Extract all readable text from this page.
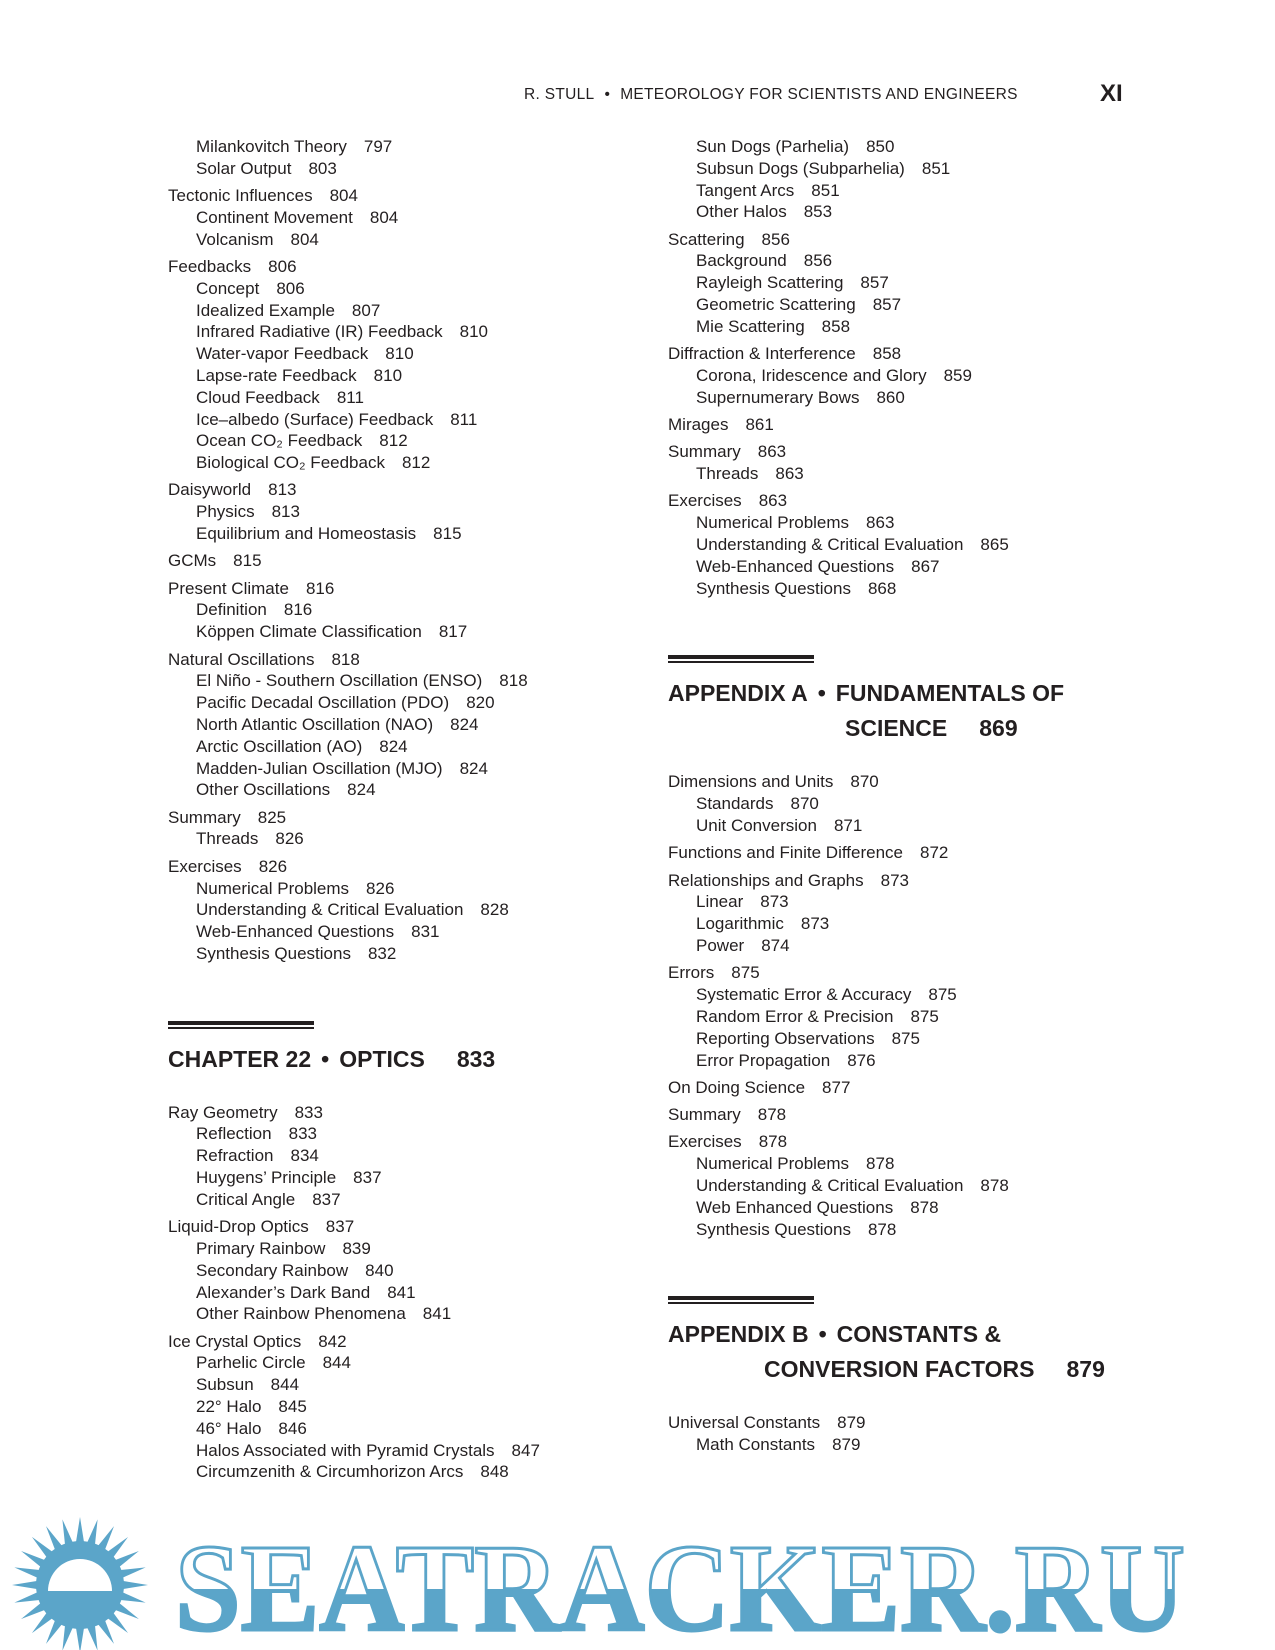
R. STULL • METEOROLOGY FOR SCIENTISTS AND ENGINEERS	XI
Milankovitch Theory 797
Solar Output 803
Tectonic Influences 804
Continent Movement 804
Volcanism 804
Feedbacks 806
Concept 806
Idealized Example 807
Infrared Radiative (IR) Feedback 810
Water-vapor Feedback 810
Lapse-rate Feedback 810
Cloud Feedback 811
Ice–albedo (Surface) Feedback 811
Ocean CO₂ Feedback 812
Biological CO₂ Feedback 812
Daisyworld 813
Physics 813
Equilibrium and Homeostasis 815
GCMs 815
Present Climate 816
Definition 816
Köppen Climate Classification 817
Natural Oscillations 818
El Niño - Southern Oscillation (ENSO) 818
Pacific Decadal Oscillation (PDO) 820
North Atlantic Oscillation (NAO) 824
Arctic Oscillation (AO) 824
Madden-Julian Oscillation (MJO) 824
Other Oscillations 824
Summary 825
Threads 826
Exercises 826
Numerical Problems 826
Understanding & Critical Evaluation 828
Web-Enhanced Questions 831
Synthesis Questions 832
CHAPTER 22 • OPTICS 833
Ray Geometry 833
Reflection 833
Refraction 834
Huygens’ Principle 837
Critical Angle 837
Liquid-Drop Optics 837
Primary Rainbow 839
Secondary Rainbow 840
Alexander’s Dark Band 841
Other Rainbow Phenomena 841
Ice Crystal Optics 842
Parhelic Circle 844
Subsun 844
22° Halo 845
46° Halo 846
Halos Associated with Pyramid Crystals 847
Circumzenith & Circumhorizon Arcs 848
Sun Dogs (Parhelia) 850
Subsun Dogs (Subparhelia) 851
Tangent Arcs 851
Other Halos 853
Scattering 856
Background 856
Rayleigh Scattering 857
Geometric Scattering 857
Mie Scattering 858
Diffraction & Interference 858
Corona, Iridescence and Glory 859
Supernumerary Bows 860
Mirages 861
Summary 863
Threads 863
Exercises 863
Numerical Problems 863
Understanding & Critical Evaluation 865
Web-Enhanced Questions 867
Synthesis Questions 868
APPENDIX A • FUNDAMENTALS OF
SCIENCE 869
Dimensions and Units 870
Standards 870
Unit Conversion 871
Functions and Finite Difference 872
Relationships and Graphs 873
Linear 873
Logarithmic 873
Power 874
Errors 875
Systematic Error & Accuracy 875
Random Error & Precision 875
Reporting Observations 875
Error Propagation 876
On Doing Science 877
Summary 878
Exercises 878
Numerical Problems 878
Understanding & Critical Evaluation 878
Web Enhanced Questions 878
Synthesis Questions 878
APPENDIX B • CONSTANTS &
CONVERSION FACTORS 879
Universal Constants 879
Math Constants 879
SEATRACKER.RU
